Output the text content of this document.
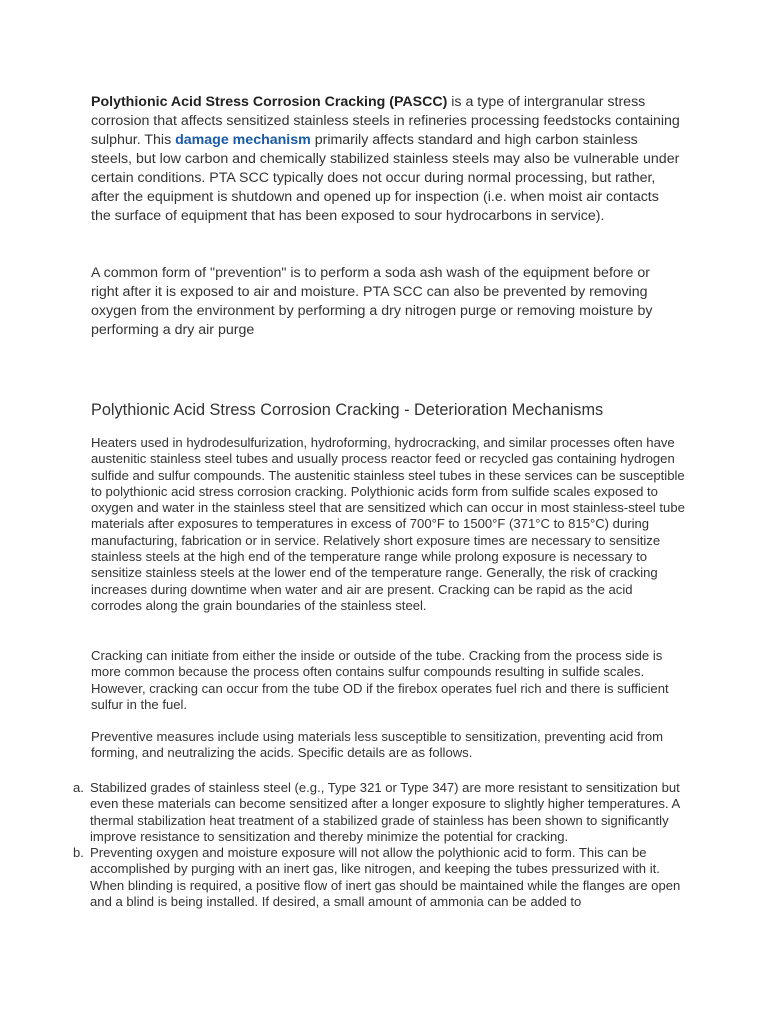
Polythionic Acid Stress Corrosion Cracking (PASCC) is a type of intergranular stress corrosion that affects sensitized stainless steels in refineries processing feedstocks containing sulphur. This damage mechanism primarily affects standard and high carbon stainless steels, but low carbon and chemically stabilized stainless steels may also be vulnerable under certain conditions. PTA SCC typically does not occur during normal processing, but rather, after the equipment is shutdown and opened up for inspection (i.e. when moist air contacts the surface of equipment that has been exposed to sour hydrocarbons in service).

A common form of "prevention" is to perform a soda ash wash of the equipment before or right after it is exposed to air and moisture. PTA SCC can also be prevented by removing oxygen from the environment by performing a dry nitrogen purge or removing moisture by performing a dry air purge

Polythionic Acid Stress Corrosion Cracking - Deterioration Mechanisms

Heaters used in hydrodesulfurization, hydroforming, hydrocracking, and similar processes often have austenitic stainless steel tubes and usually process reactor feed or recycled gas containing hydrogen sulfide and sulfur compounds. The austenitic stainless steel tubes in these services can be susceptible to polythionic acid stress corrosion cracking. Polythionic acids form from sulfide scales exposed to oxygen and water in the stainless steel that are sensitized which can occur in most stainless-steel tube materials after exposures to temperatures in excess of 700°F to 1500°F (371°C to 815°C) during manufacturing, fabrication or in service. Relatively short exposure times are necessary to sensitize stainless steels at the high end of the temperature range while prolong exposure is necessary to sensitize stainless steels at the lower end of the temperature range. Generally, the risk of cracking increases during downtime when water and air are present. Cracking can be rapid as the acid corrodes along the grain boundaries of the stainless steel.

Cracking can initiate from either the inside or outside of the tube. Cracking from the process side is more common because the process often contains sulfur compounds resulting in sulfide scales. However, cracking can occur from the tube OD if the firebox operates fuel rich and there is sufficient sulfur in the fuel.

Preventive measures include using materials less susceptible to sensitization, preventing acid from forming, and neutralizing the acids. Specific details are as follows.

a. Stabilized grades of stainless steel (e.g., Type 321 or Type 347) are more resistant to sensitization but even these materials can become sensitized after a longer exposure to slightly higher temperatures. A thermal stabilization heat treatment of a stabilized grade of stainless has been shown to significantly improve resistance to sensitization and thereby minimize the potential for cracking.
b. Preventing oxygen and moisture exposure will not allow the polythionic acid to form. This can be accomplished by purging with an inert gas, like nitrogen, and keeping the tubes pressurized with it. When blinding is required, a positive flow of inert gas should be maintained while the flanges are open and a blind is being installed. If desired, a small amount of ammonia can be added to
